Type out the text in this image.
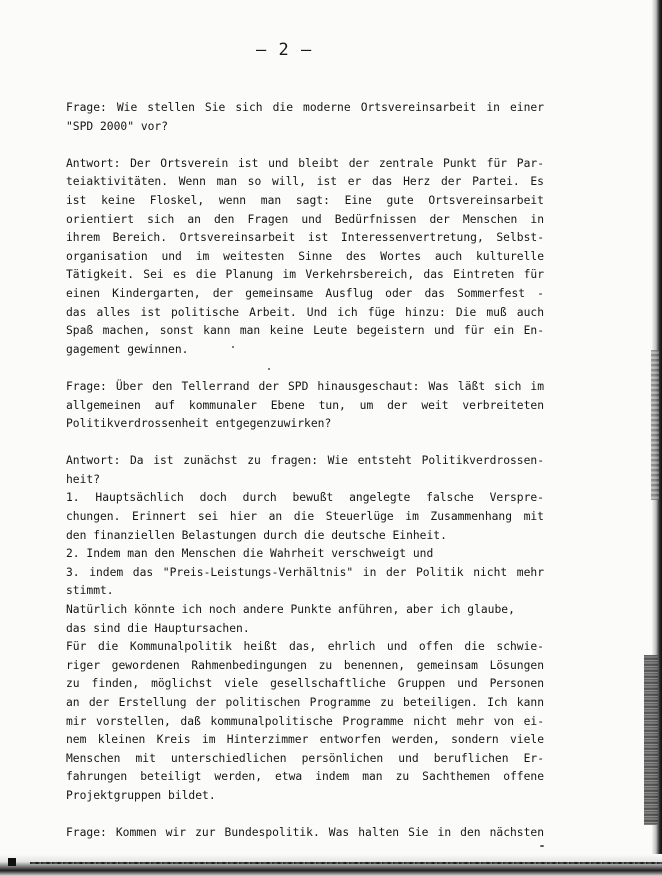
— 2 —
Frage: Wie stellen Sie sich die moderne Ortsvereinsarbeit in einer
"SPD 2000" vor?
Antwort: Der Ortsverein ist und bleibt der zentrale Punkt für Par-
teiaktivitäten. Wenn man so will, ist er das Herz der Partei. Es
ist keine Floskel, wenn man sagt: Eine gute Ortsvereinsarbeit
orientiert sich an den Fragen und Bedürfnissen der Menschen in
ihrem Bereich. Ortsvereinsarbeit ist Interessenvertretung, Selbst-
organisation und im weitesten Sinne des Wortes auch kulturelle
Tätigkeit. Sei es die Planung im Verkehrsbereich, das Eintreten für
einen Kindergarten, der gemeinsame Ausflug oder das Sommerfest -
das alles ist politische Arbeit. Und ich füge hinzu: Die muß auch
Spaß machen, sonst kann man keine Leute begeistern und für ein En-
gagement gewinnen.
Frage: Über den Tellerrand der SPD hinausgeschaut: Was läßt sich im
allgemeinen auf kommunaler Ebene tun, um der weit verbreiteten
Politikverdrossenheit entgegenzuwirken?
Antwort: Da ist zunächst zu fragen: Wie entsteht Politikverdrossen-
heit?
1. Hauptsächlich doch durch bewußt angelegte falsche Verspre-
chungen. Erinnert sei hier an die Steuerlüge im Zusammenhang mit
den finanziellen Belastungen durch die deutsche Einheit.
2. Indem man den Menschen die Wahrheit verschweigt und
3. indem das "Preis-Leistungs-Verhältnis" in der Politik nicht mehr
stimmt.
Natürlich könnte ich noch andere Punkte anführen, aber ich glaube,
das sind die Hauptursachen.
Für die Kommunalpolitik heißt das, ehrlich und offen die schwie-
riger gewordenen Rahmenbedingungen zu benennen, gemeinsam Lösungen
zu finden, möglichst viele gesellschaftliche Gruppen und Personen
an der Erstellung der politischen Programme zu beteiligen. Ich kann
mir vorstellen, daß kommunalpolitische Programme nicht mehr von ei-
nem kleinen Kreis im Hinterzimmer entworfen werden, sondern viele
Menschen mit unterschiedlichen persönlichen und beruflichen Er-
fahrungen beteiligt werden, etwa indem man zu Sachthemen offene
Projektgruppen bildet.
Frage: Kommen wir zur Bundespolitik. Was halten Sie in den nächsten
